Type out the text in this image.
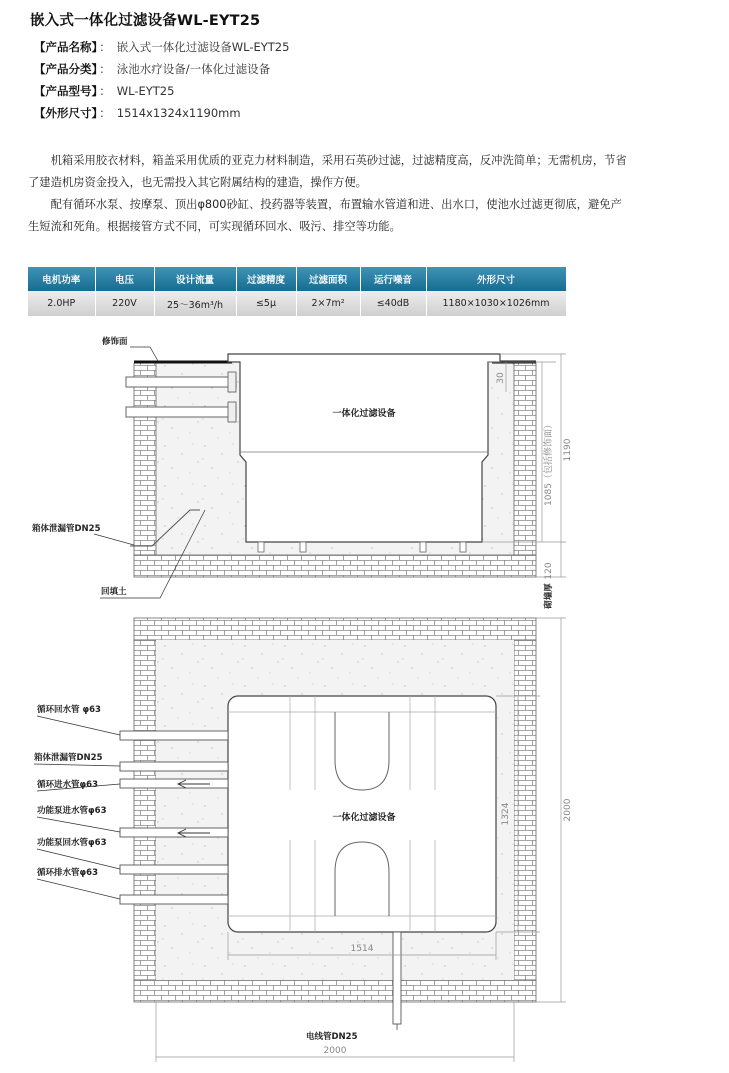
嵌入式一体化过滤设备WL-EYT25
【产品名称】 ： 嵌入式一体化过滤设备WL-EYT25
【产品分类】 ： 泳池水疗设备/一体化过滤设备
【产品型号】 ： WL-EYT25
【外形尺寸】 ： 1514x1324x1190mm

机箱采用胶衣材料，箱盖采用优质的亚克力材料制造，采用石英砂过滤，过滤精度高，反冲洗简单；无需机房，节省了建造机房资金投入，也无需投入其它附属结构的建造，操作方便。

配有循环水泵、按摩泵、顶出φ800砂缸、投药器等装置，布置输水管道和进、出水口，使池水过滤更彻底，避免产生短流和死角。根据接管方式不同，可实现循环回水、吸污、排空等功能。

电机功率	电压	设计流量	过滤精度	过滤面积	运行噪音	外形尺寸
2.0HP	220V	25～36m³/h	≤5μ	2×7m²	≤40dB	1180×1030×1026mm
修饰面
箱体泄漏管DN25
回填土
一体化过滤设备
30
1085（包括修饰面） 1190
120
砌墙厚
循环回水管 φ63
箱体泄漏管DN25
循环进水管φ63
功能泵进水管φ63
功能泵回水管φ63
循环排水管φ63
一体化过滤设备
电线管DN25
1324	2000
1514
2000
